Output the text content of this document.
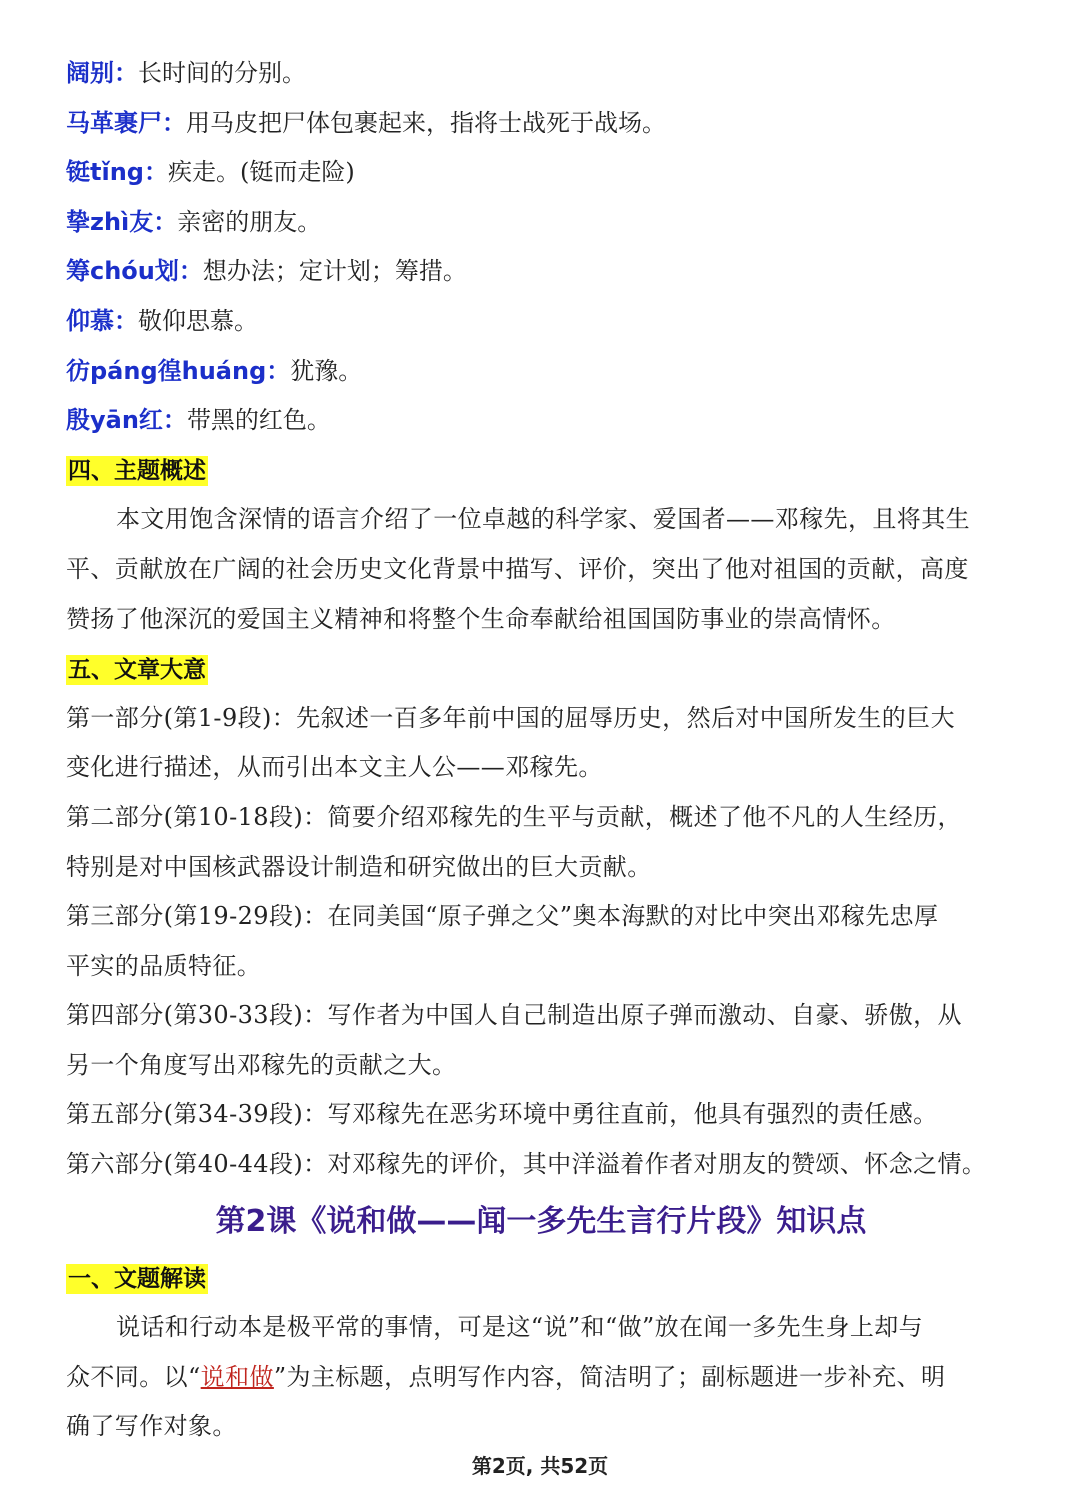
阔别：长时间的分别。
马革裹尸：用马皮把尸体包裹起来，指将士战死于战场。
铤tǐng：疾走。(铤而走险)
挚zhì友：亲密的朋友。
筹chóu划：想办法；定计划；筹措。
仰慕：敬仰思慕。
彷páng徨huáng：犹豫。
殷yān红：带黑的红色。
四、主题概述
本文用饱含深情的语言介绍了一位卓越的科学家、爱国者——邓稼先，且将其生
平、贡献放在广阔的社会历史文化背景中描写、评价，突出了他对祖国的贡献，高度
赞扬了他深沉的爱国主义精神和将整个生命奉献给祖国国防事业的崇高情怀。
五、文章大意
第一部分(第1-9段)：先叙述一百多年前中国的屈辱历史，然后对中国所发生的巨大
变化进行描述，从而引出本文主人公——邓稼先。
第二部分(第10-18段)：简要介绍邓稼先的生平与贡献，概述了他不凡的人生经历，
特别是对中国核武器设计制造和研究做出的巨大贡献。
第三部分(第19-29段)：在同美国“原子弹之父”奥本海默的对比中突出邓稼先忠厚
平实的品质特征。
第四部分(第30-33段)：写作者为中国人自己制造出原子弹而激动、自豪、骄傲，从
另一个角度写出邓稼先的贡献之大。
第五部分(第34-39段)：写邓稼先在恶劣环境中勇往直前，他具有强烈的责任感。
第六部分(第40-44段)：对邓稼先的评价，其中洋溢着作者对朋友的赞颂、怀念之情。
第2课《说和做——闻一多先生言行片段》知识点
一、文题解读
说话和行动本是极平常的事情，可是这“说”和“做”放在闻一多先生身上却与
众不同。以“说和做”为主标题，点明写作内容，简洁明了；副标题进一步补充、明
确了写作对象。
第2页, 共52页
